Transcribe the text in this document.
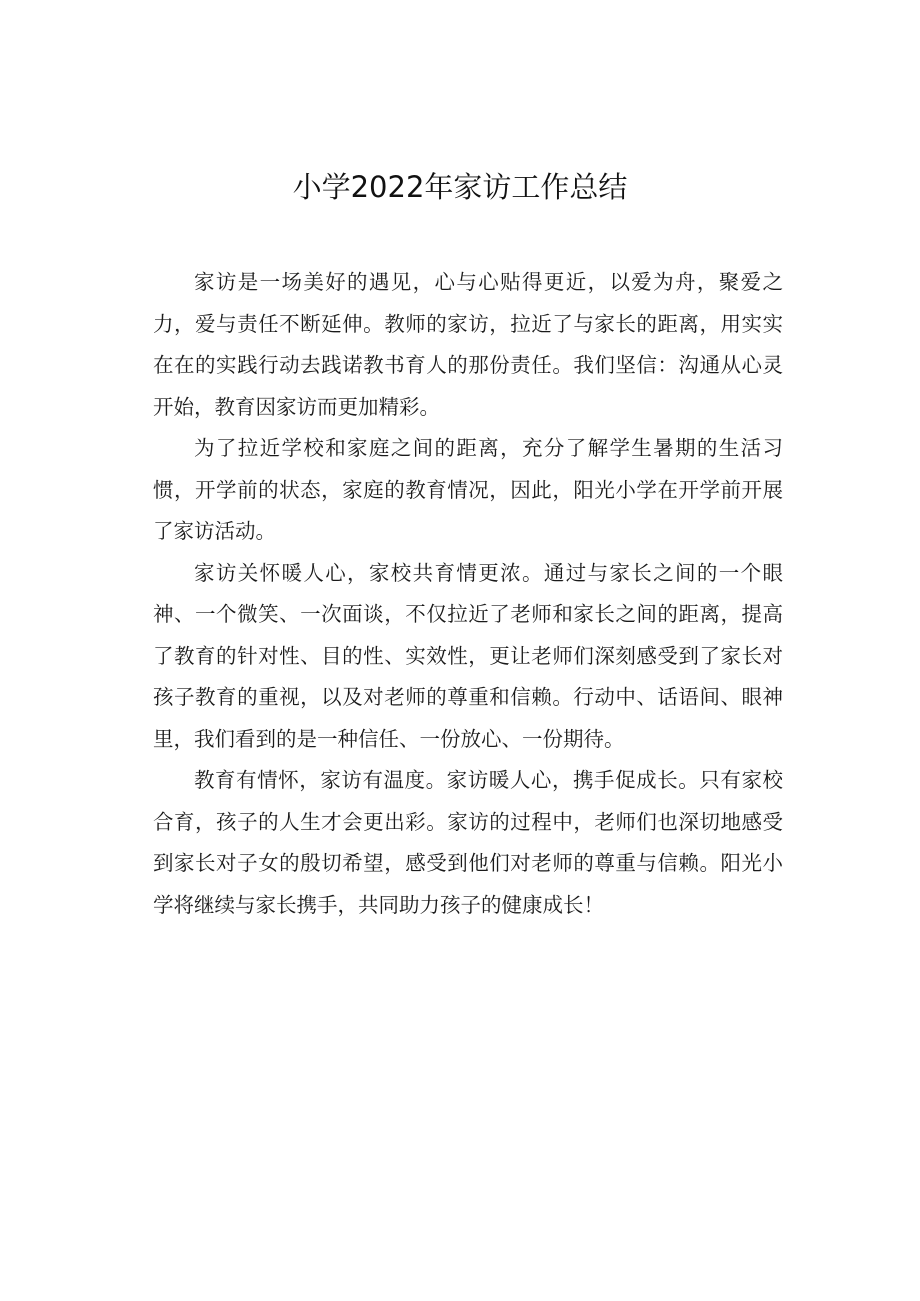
小学2022年家访工作总结

家访是一场美好的遇见，心与心贴得更近，以爱为舟，聚爱之力，爱与责任不断延伸。教师的家访，拉近了与家长的距离，用实实在在的实践行动去践诺教书育人的那份责任。我们坚信：沟通从心灵开始，教育因家访而更加精彩。

为了拉近学校和家庭之间的距离，充分了解学生暑期的生活习惯，开学前的状态，家庭的教育情况，因此，阳光小学在开学前开展了家访活动。

家访关怀暖人心，家校共育情更浓。通过与家长之间的一个眼神、一个微笑、一次面谈，不仅拉近了老师和家长之间的距离，提高了教育的针对性、目的性、实效性，更让老师们深刻感受到了家长对孩子教育的重视，以及对老师的尊重和信赖。行动中、话语间、眼神里，我们看到的是一种信任、一份放心、一份期待。

教育有情怀，家访有温度。家访暖人心，携手促成长。只有家校合育，孩子的人生才会更出彩。家访的过程中，老师们也深切地感受到家长对子女的殷切希望，感受到他们对老师的尊重与信赖。阳光小学将继续与家长携手，共同助力孩子的健康成长！
